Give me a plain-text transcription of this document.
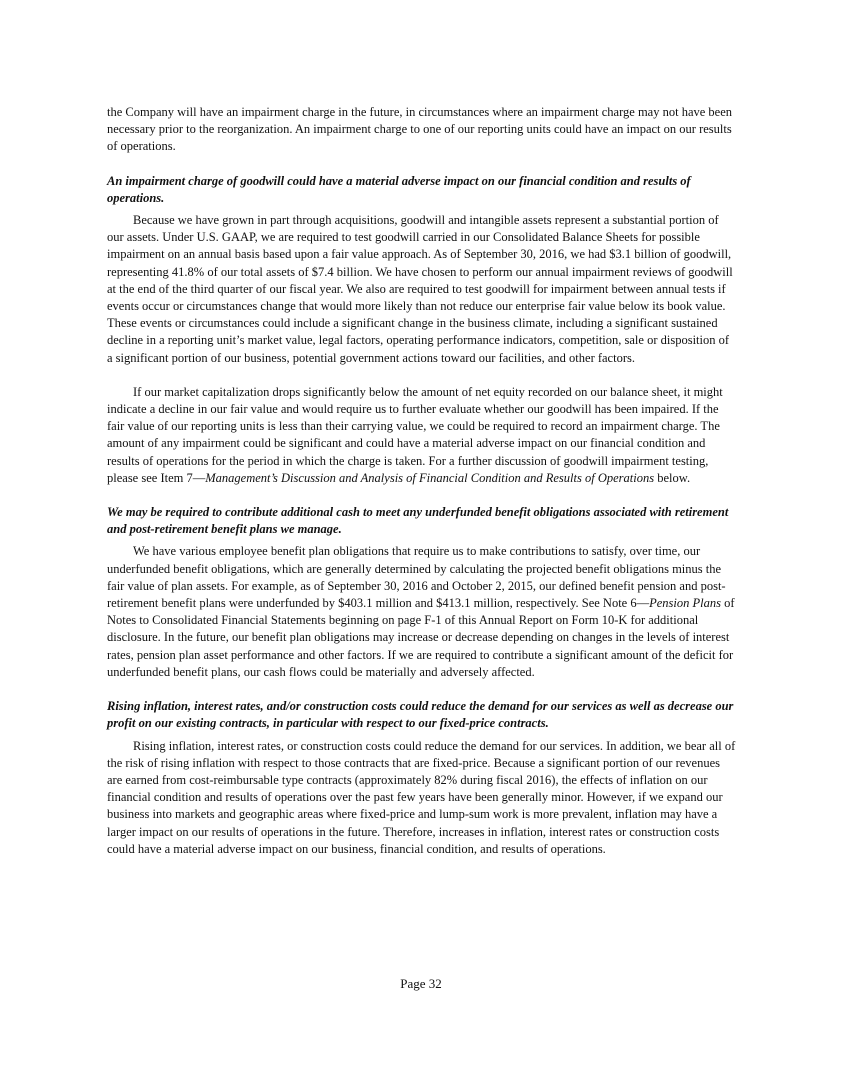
the Company will have an impairment charge in the future, in circumstances where an impairment charge may not have been necessary prior to the reorganization. An impairment charge to one of our reporting units could have an impact on our results of operations.

An impairment charge of goodwill could have a material adverse impact on our financial condition and results of operations.

Because we have grown in part through acquisitions, goodwill and intangible assets represent a substantial portion of our assets. Under U.S. GAAP, we are required to test goodwill carried in our Consolidated Balance Sheets for possible impairment on an annual basis based upon a fair value approach. As of September 30, 2016, we had $3.1 billion of goodwill, representing 41.8% of our total assets of $7.4 billion. We have chosen to perform our annual impairment reviews of goodwill at the end of the third quarter of our fiscal year. We also are required to test goodwill for impairment between annual tests if events occur or circumstances change that would more likely than not reduce our enterprise fair value below its book value. These events or circumstances could include a significant change in the business climate, including a significant sustained decline in a reporting unit’s market value, legal factors, operating performance indicators, competition, sale or disposition of a significant portion of our business, potential government actions toward our facilities, and other factors.

If our market capitalization drops significantly below the amount of net equity recorded on our balance sheet, it might indicate a decline in our fair value and would require us to further evaluate whether our goodwill has been impaired. If the fair value of our reporting units is less than their carrying value, we could be required to record an impairment charge. The amount of any impairment could be significant and could have a material adverse impact on our financial condition and results of operations for the period in which the charge is taken. For a further discussion of goodwill impairment testing, please see Item 7—Management’s Discussion and Analysis of Financial Condition and Results of Operations below.

We may be required to contribute additional cash to meet any underfunded benefit obligations associated with retirement and post-retirement benefit plans we manage.

We have various employee benefit plan obligations that require us to make contributions to satisfy, over time, our underfunded benefit obligations, which are generally determined by calculating the projected benefit obligations minus the fair value of plan assets. For example, as of September 30, 2016 and October 2, 2015, our defined benefit pension and post-retirement benefit plans were underfunded by $403.1 million and $413.1 million, respectively. See Note 6—Pension Plans of Notes to Consolidated Financial Statements beginning on page F-1 of this Annual Report on Form 10-K for additional disclosure. In the future, our benefit plan obligations may increase or decrease depending on changes in the levels of interest rates, pension plan asset performance and other factors. If we are required to contribute a significant amount of the deficit for underfunded benefit plans, our cash flows could be materially and adversely affected.

Rising inflation, interest rates, and/or construction costs could reduce the demand for our services as well as decrease our profit on our existing contracts, in particular with respect to our fixed-price contracts.

Rising inflation, interest rates, or construction costs could reduce the demand for our services. In addition, we bear all of the risk of rising inflation with respect to those contracts that are fixed-price. Because a significant portion of our revenues are earned from cost-reimbursable type contracts (approximately 82% during fiscal 2016), the effects of inflation on our financial condition and results of operations over the past few years have been generally minor. However, if we expand our business into markets and geographic areas where fixed-price and lump-sum work is more prevalent, inflation may have a larger impact on our results of operations in the future. Therefore, increases in inflation, interest rates or construction costs could have a material adverse impact on our business, financial condition, and results of operations.

Page 32
